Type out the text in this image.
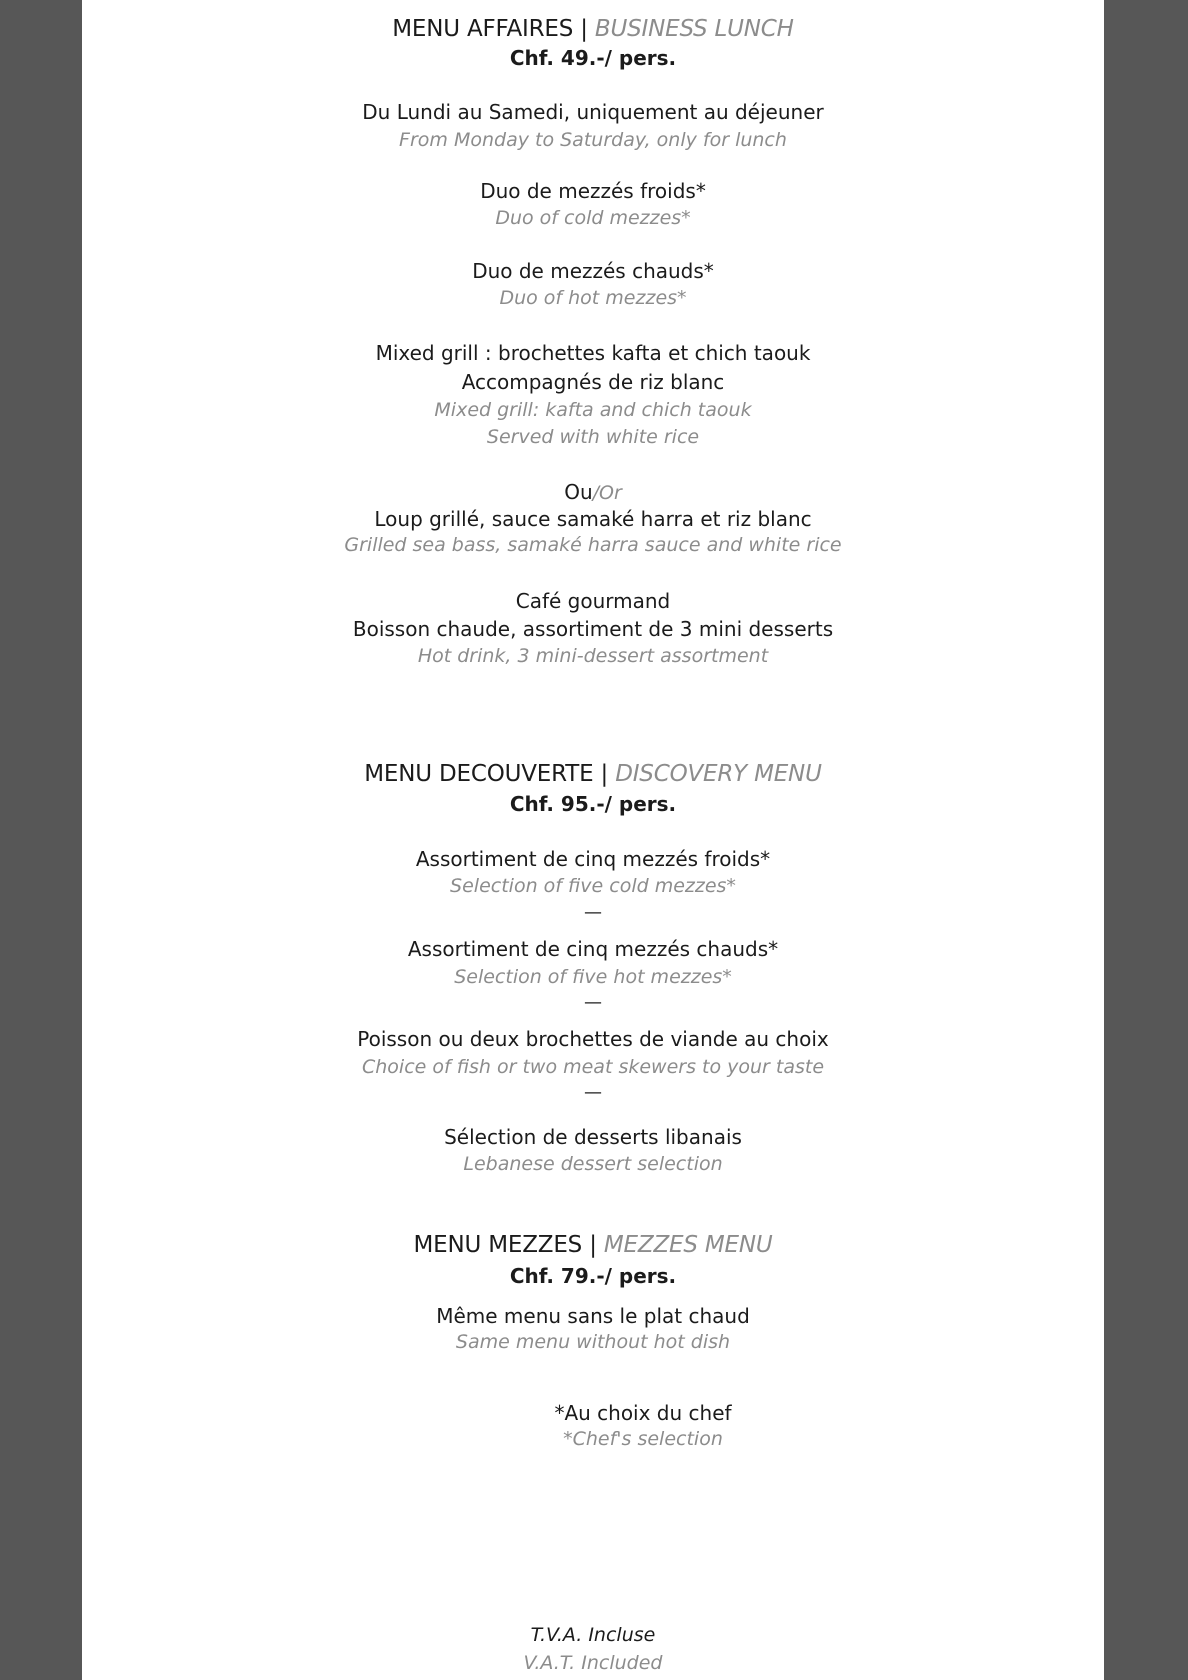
MENU AFFAIRES | BUSINESS LUNCH
Chf. 49.-/ pers.
Du Lundi au Samedi, uniquement au déjeuner
From Monday to Saturday, only for lunch
Duo de mezzés froids*
Duo of cold mezzes*
Duo de mezzés chauds*
Duo of hot mezzes*
Mixed grill : brochettes kafta et chich taouk
Accompagnés de riz blanc
Mixed grill: kafta and chich taouk
Served with white rice
Ou/Or
Loup grillé, sauce samaké harra et riz blanc
Grilled sea bass, samaké harra sauce and white rice
Café gourmand
Boisson chaude, assortiment de 3 mini desserts
Hot drink, 3 mini-dessert assortment
MENU DECOUVERTE | DISCOVERY MENU
Chf. 95.-/ pers.
Assortiment de cinq mezzés froids*
Selection of five cold mezzes*
—
Assortiment de cinq mezzés chauds*
Selection of five hot mezzes*
—
Poisson ou deux brochettes de viande au choix
Choice of fish or two meat skewers to your taste
—
Sélection de desserts libanais
Lebanese dessert selection
MENU MEZZES | MEZZES MENU
Chf. 79.-/ pers.
Même menu sans le plat chaud
Same menu without hot dish
*Au choix du chef
*Chef's selection
T.V.A. Incluse
V.A.T. Included
